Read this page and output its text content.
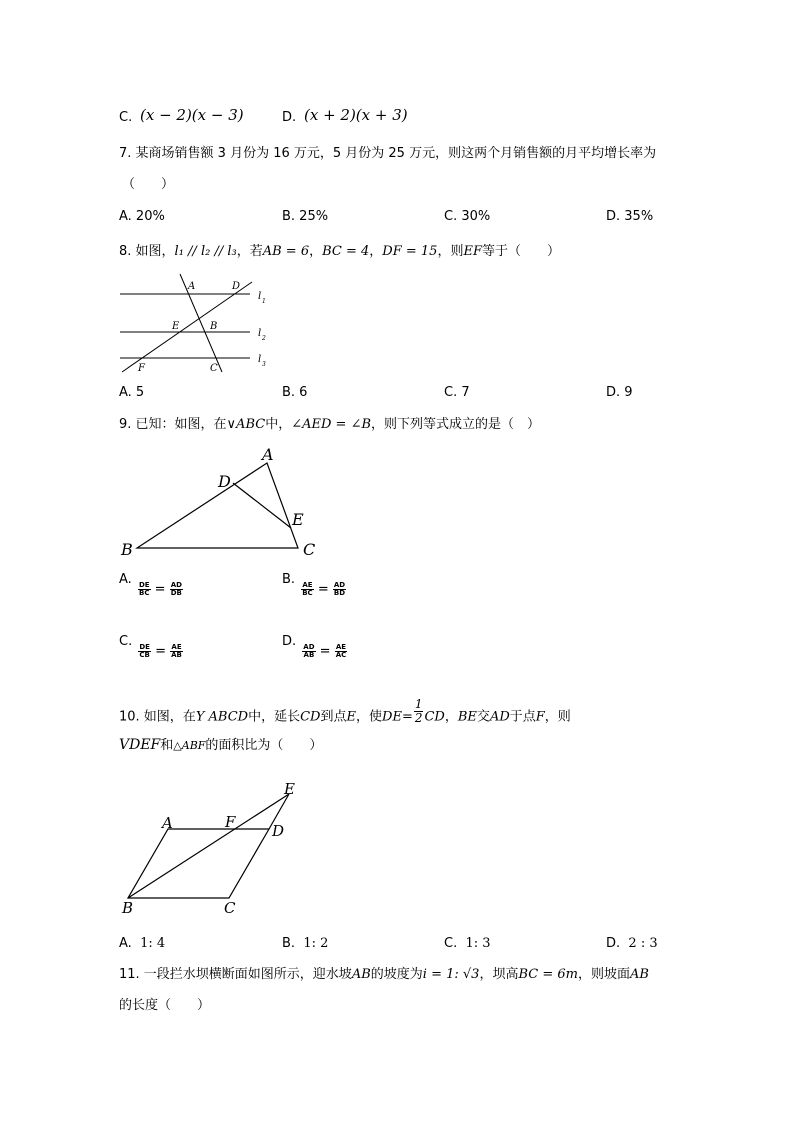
C. (x − 2)(x − 3)	D. (x + 2)(x + 3)
7. 某商场销售额 3 月份为 16 万元，5 月份为 25 万元，则这两个月销售额的月平均增长率为
（　　）
A. 20%	B. 25%	C. 30%	D. 35%
8. 如图，l₁ // l₂ // l₃，若AB = 6，BC = 4，DF = 15，则EF等于（　　）
A	D
E	B
F	C
l 1
l 2
l 3
A. 5	B. 6	C. 7	D. 9
9. 已知：如图，在∨ABC中，∠AED = ∠B，则下列等式成立的是（　）
A
D
E
B	C
A.
$\frac{DE}{BC} = \frac{AD}{DB}$
B.
$\frac{AE}{BC} = \frac{AD}{BD}$
C.
$\frac{DE}{CB} = \frac{AE}{AB}$
D.
$\frac{AD}{AB} = \frac{AE}{AC}$
10. 如图，在Y ABCD中，延长CD到点E，使$DE= \frac{1}{2}$ CD，BE交AD于点F，则
VDEF和△ABF的面积比为（　　）
A	F D
E
B	C
A. 1: 4	B. 1: 2	C. 1: 3	D. 2 : 3
11. 一段拦水坝横断面如图所示，迎水坡AB的坡度为i = 1: √3，坝高BC = 6m，则坡面AB
的长度（　　）
